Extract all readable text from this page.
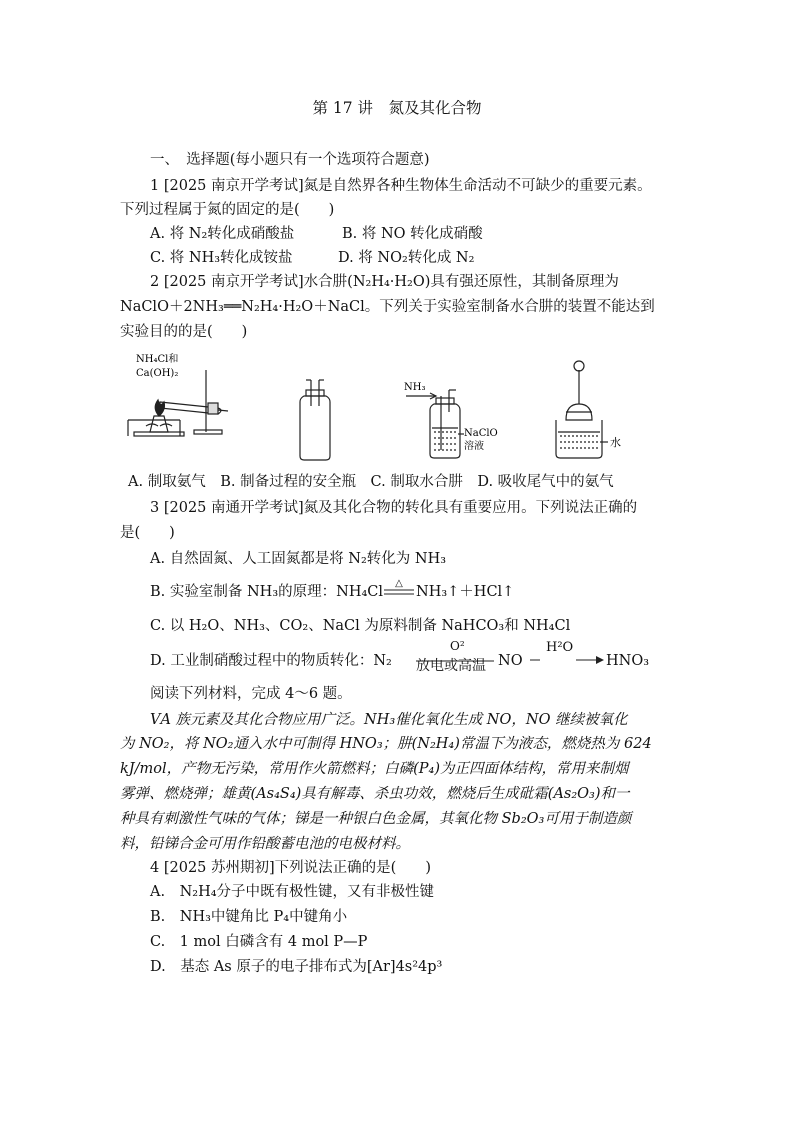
第 17 讲　氮及其化合物
一、　选择题(每小题只有一个选项符合题意)
1 [2025 南京开学考试]氮是自然界各种生物体生命活动不可缺少的重要元素。
下列过程属于氮的固定的是(　　)
A. 将 N₂转化成硝酸盐	B. 将 NO 转化成硝酸
C. 将 NH₃转化成铵盐	D. 将 NO₂转化成 N₂
2 [2025 南京开学考试]水合肼(N₂H₄·H₂O)具有强还原性，其制备原理为
NaClO＋2NH₃══N₂H₄·H₂O＋NaCl。下列关于实验室制备水合肼的装置不能达到
实验目的的是(　　)
NH₄Cl和
Ca(OH)₂
NH₃
NaClO
溶液	水
A. 制取氨气　B. 制备过程的安全瓶　C. 制取水合肼　D. 吸收尾气中的氨气
3 [2025 南通开学考试]氮及其化合物的转化具有重要应用。下列说法正确的
是(　　)
A. 自然固氮、人工固氮都是将 N₂转化为 NH₃
B. 实验室制备 NH₃的原理：NH₄Cl
△
NH₃↑＋HCl↑
C. 以 H₂O、NH₃、CO₂、NaCl 为原料制备 NaHCO₃和 NH₄Cl
D. 工业制硝酸过程中的物质转化：N₂
O²
放电或高温 NO
H²O
HNO₃
阅读下列材料，完成 4～6 题。
ⅤA 族元素及其化合物应用广泛。NH₃催化氧化生成 NO，NO 继续被氧化
为 NO₂，将 NO₂通入水中可制得 HNO₃；肼(N₂H₄)常温下为液态，燃烧热为 624
kJ/mol，产物无污染，常用作火箭燃料；白磷(P₄)为正四面体结构，常用来制烟
雾弹、燃烧弹；雄黄(As₄S₄)具有解毒、杀虫功效，燃烧后生成砒霜(As₂O₃)和一
种具有刺激性气味的气体；锑是一种银白色金属，其氧化物 Sb₂O₃可用于制造颜
料，铅锑合金可用作铅酸蓄电池的电极材料。
4 [2025 苏州期初]下列说法正确的是(　　)
A.　N₂H₄分子中既有极性键，又有非极性键
B.　NH₃中键角比 P₄中键角小
C.　1 mol 白磷含有 4 mol P—P
D.　基态 As 原子的电子排布式为[Ar]4s²4p³
